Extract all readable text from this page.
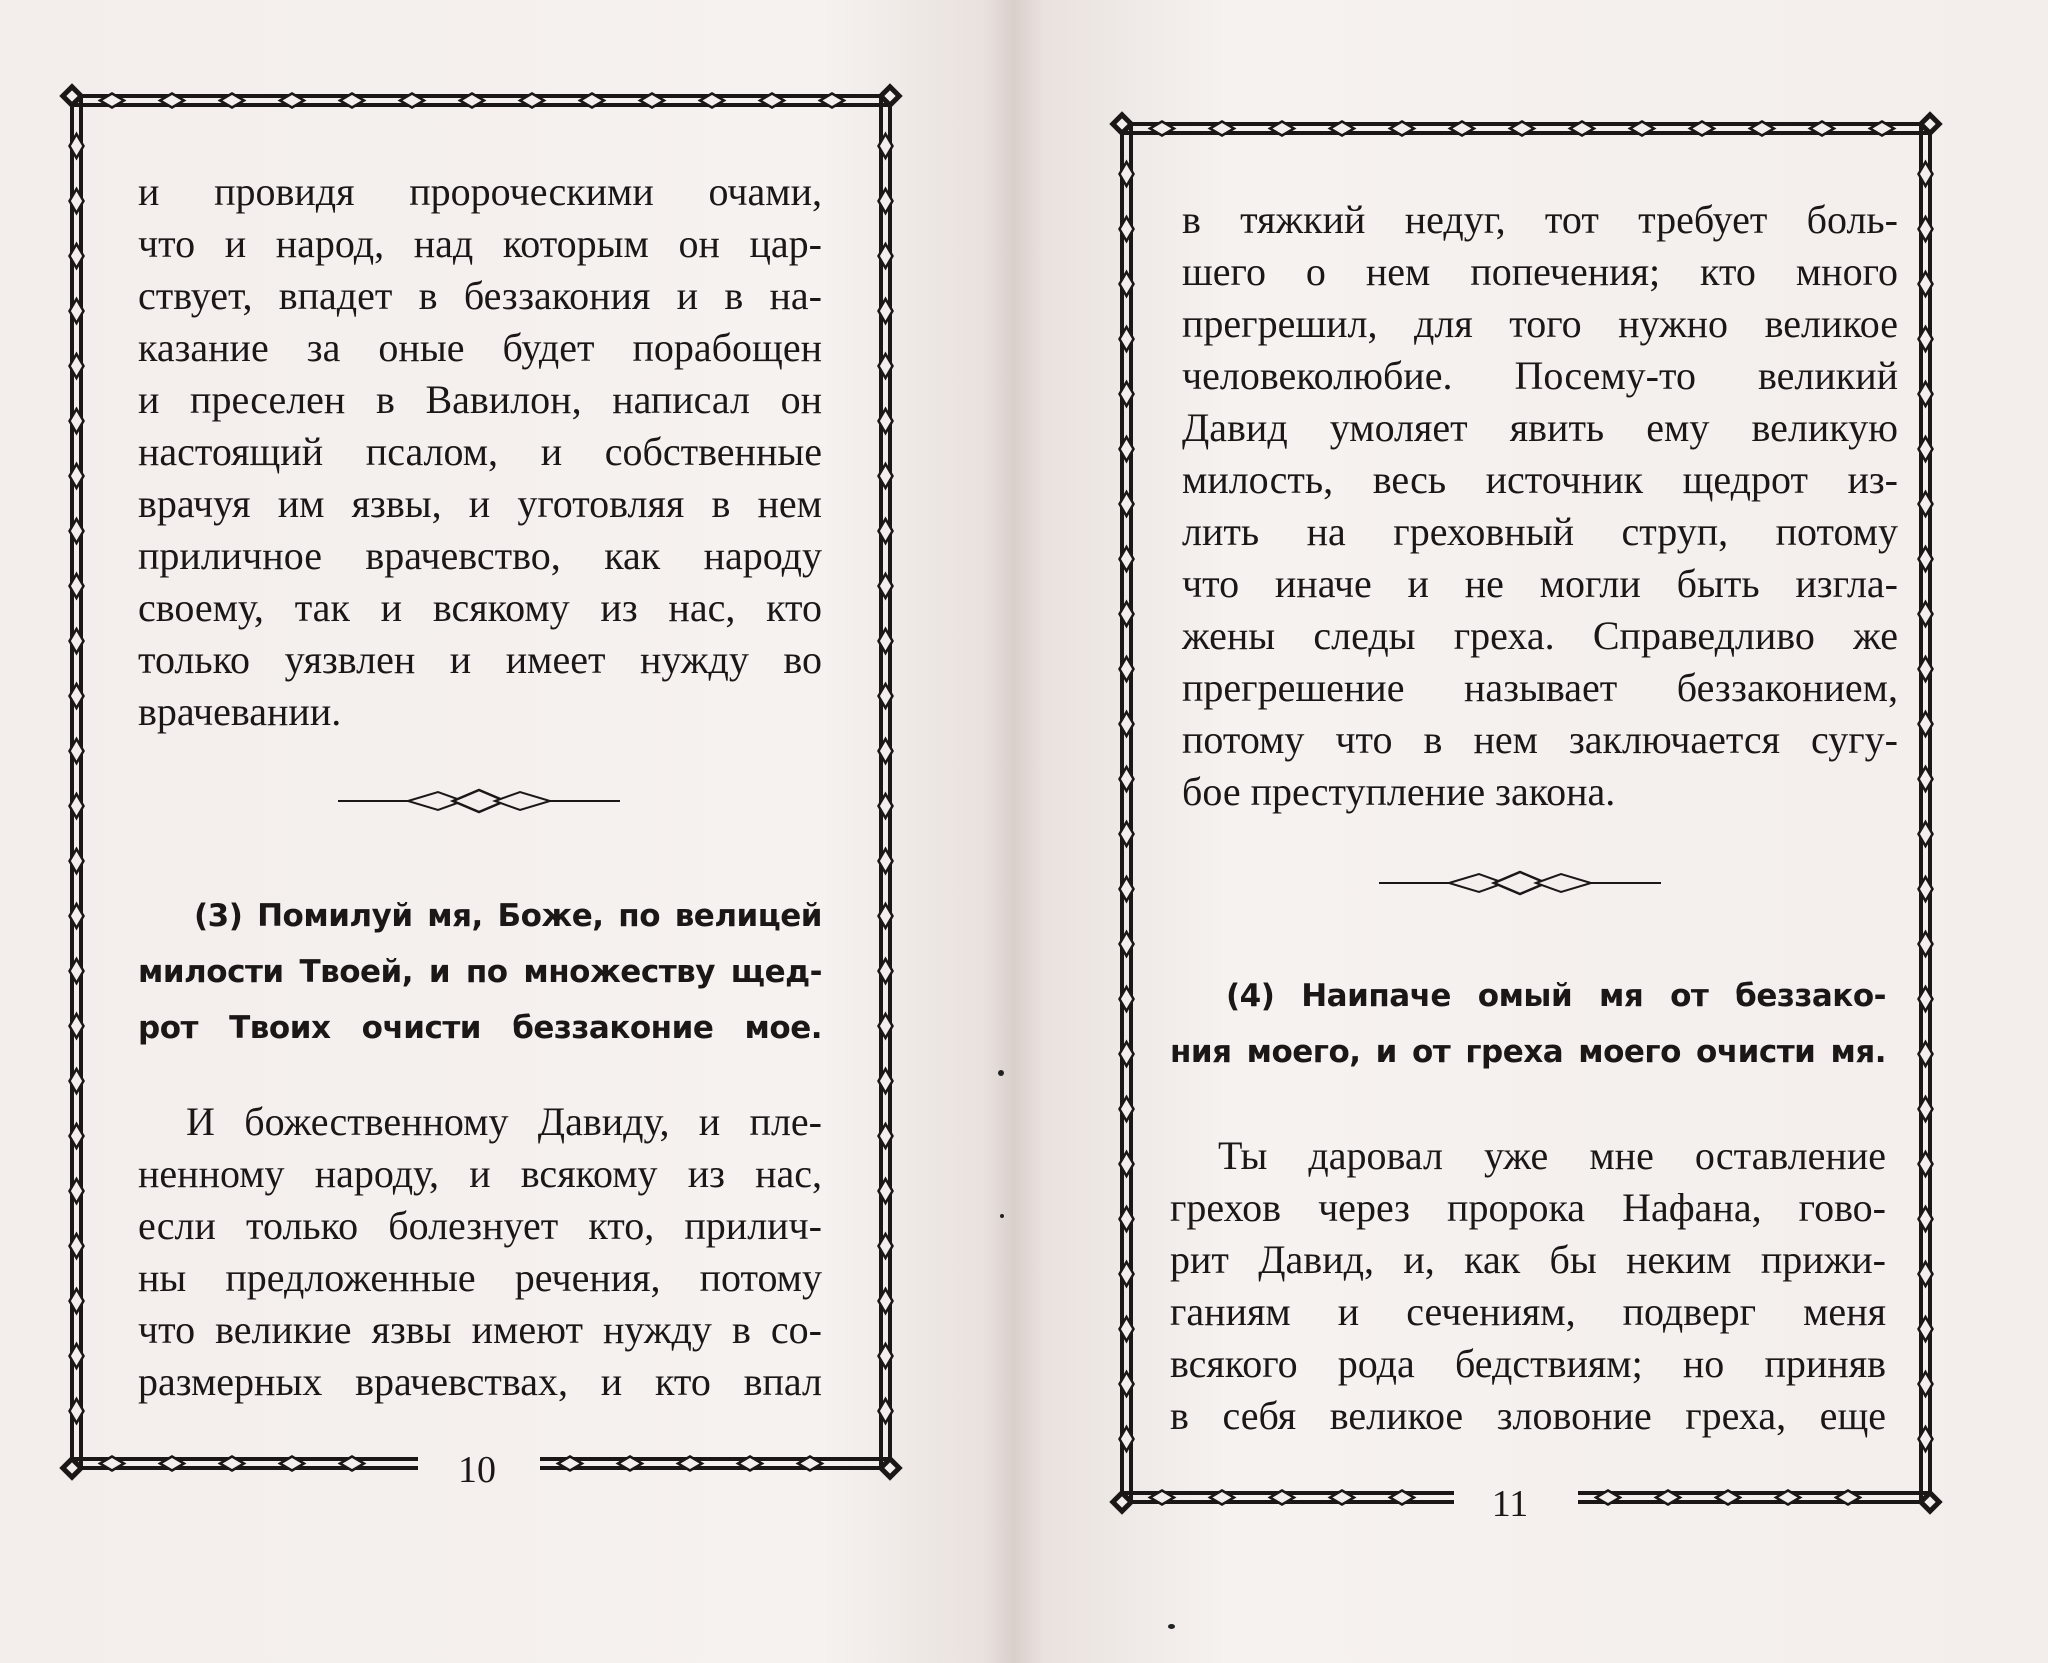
и провидя пророческими очами,
что и народ, над которым он цар-
ствует, впадет в беззакония и в на-
казание за оные будет порабощен
и преселен в Вавилон, написал он
настоящий псалом, и собственные
врачуя им язвы, и уготовляя в нем
приличное врачевство, как народу
своему, так и всякому из нас, кто
только уязвлен и имеет нужду во
врачевании.
(3) Помилуй мя, Боже, по велицей
милости Твоей, и по множеству щед-
рот Твоих очисти беззаконие мое.
И божественному Давиду, и пле-
ненному народу, и всякому из нас,
если только болезнует кто, прилич-
ны предложенные речения, потому
что великие язвы имеют нужду в со-
размерных врачевствах, и кто впал
10
в тяжкий недуг, тот требует боль-
шего о нем попечения; кто много
прегрешил, для того нужно великое
человеколюбие. Посему-то великий
Давид умоляет явить ему великую
милость, весь источник щедрот из-
лить на греховный струп, потому
что иначе и не могли быть изгла-
жены следы греха. Справедливо же
прегрешение называет беззаконием,
потому что в нем заключается сугу-
бое преступление закона.
(4) Наипаче омый мя от беззако-
ния моего, и от греха моего очисти мя.
Ты даровал уже мне оставление
грехов через пророка Нафана, гово-
рит Давид, и, как бы неким прижи-
ганиям и сечениям, подверг меня
всякого рода бедствиям; но приняв
в себя великое зловоние греха, еще
11
